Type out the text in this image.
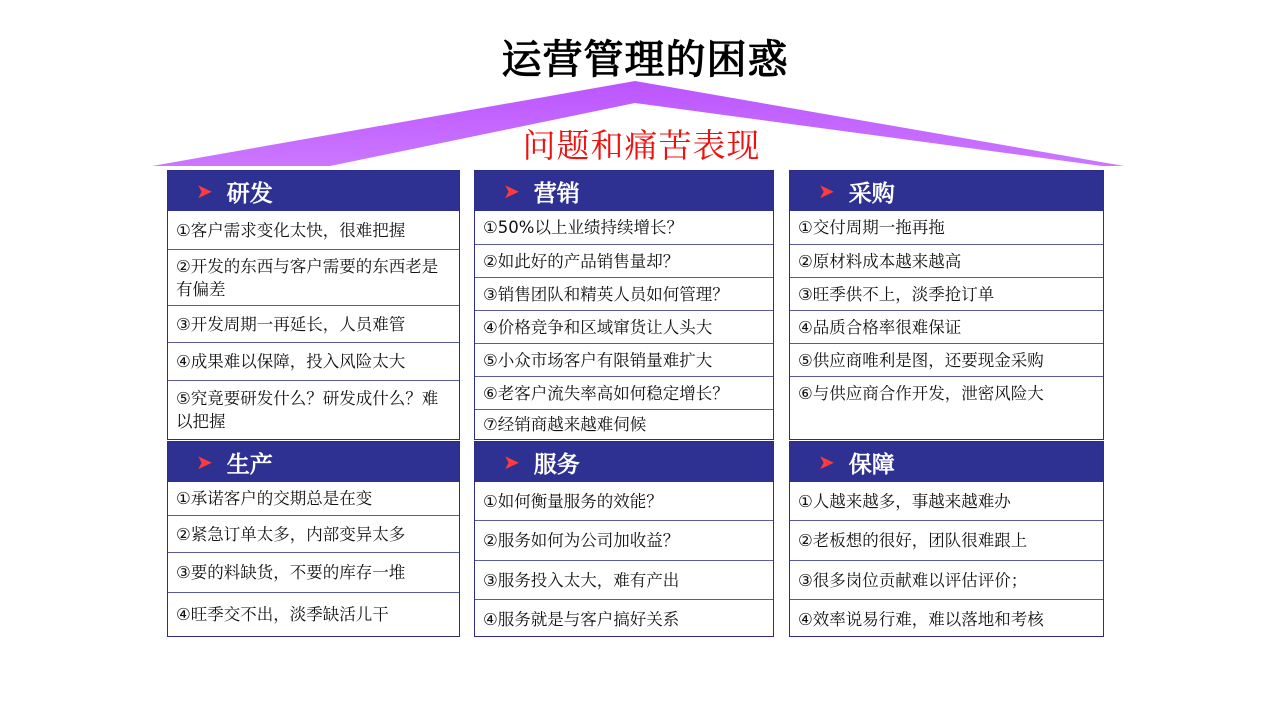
运营管理的困惑
问题和痛苦表现
➤ 研发
①客户需求变化太快，很难把握
②开发的东西与客户需要的东西老是有偏差
③开发周期一再延长，人员难管
④成果难以保障，投入风险太大
⑤究竟要研发什么？研发成什么？难以把握
➤ 营销
①50%以上业绩持续增长？
②如此好的产品销售量却？
③销售团队和精英人员如何管理？
④价格竞争和区域窜货让人头大
⑤小众市场客户有限销量难扩大
⑥老客户流失率高如何稳定增长？
⑦经销商越来越难伺候
➤ 采购
①交付周期一拖再拖
②原材料成本越来越高
③旺季供不上，淡季抢订单
④品质合格率很难保证
⑤供应商唯利是图，还要现金采购
⑥与供应商合作开发，泄密风险大
➤ 生产
①承诺客户的交期总是在变
②紧急订单太多，内部变异太多
③要的料缺货，不要的库存一堆
④旺季交不出，淡季缺活儿干
➤ 服务
①如何衡量服务的效能？
②服务如何为公司加收益？
③服务投入太大，难有产出
④服务就是与客户搞好关系
➤ 保障
①人越来越多，事越来越难办
②老板想的很好，团队很难跟上
③很多岗位贡献难以评估评价；
④效率说易行难，难以落地和考核
